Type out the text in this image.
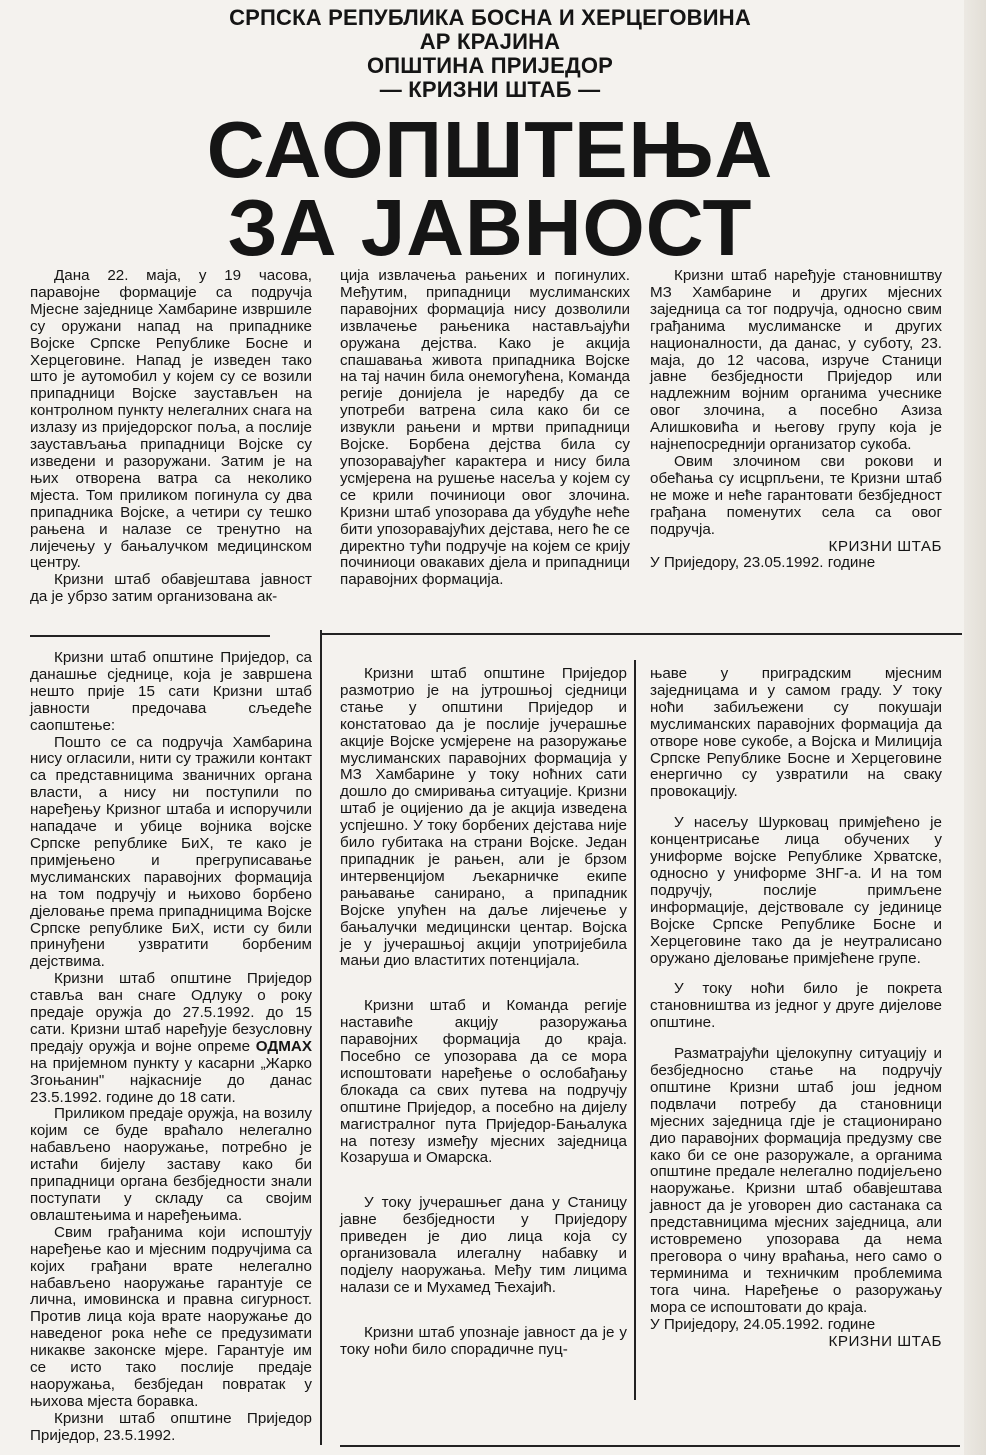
СРПСКА РЕПУБЛИКА БОСНА И ХЕРЦЕГОВИНА
АР КРАЈИНА
ОПШТИНА ПРИЈЕДОР
— КРИЗНИ ШТАБ —
САОПШТЕЊА
ЗА ЈАВНОСТ

Дана 22. маја, у 19 часова, паравојне формације са подручја Мјесне заједнице Хамбарине извршиле су оружани напад на припаднике Војске Српске Републике Босне и Херцеговине. Напад је изведен тако што је аутомобил у којем су се возили припадници Војске заустављен на контролном пункту нелегалних снага на излазу из приједорског поља, а послије заустављања припадници Војске су изведени и разоружани. Затим је на њих отворена ватра са неколико мјеста. Том приликом погинула су два припадника Војске, а четири су тешко рањена и налазе се тренутно на лијечењу у бањалучком медицинском центру.

Кризни штаб обавјештава јавност да је убрзо затим организована ак-

ција извлачења рањених и погинулих. Међутим, припадници муслиманских паравојних формација нису дозволили извлачење рањеника настављајући оружана дејства. Како је акција спашавања живота припадника Војске на тај начин била онемогућена, Команда регије донијела је наредбу да се употреби ватрена сила како би се извукли рањени и мртви припадници Војске. Борбена дејства била су упозоравајућег карактера и нису била усмјерена на рушење насеља у којем су се крили починиоци овог злочина. Кризни штаб упозорава да убудуће неће бити упозоравајућих дејстава, него ће се директно тући подручје на којем се крију починиоци овакавих дјела и припадници паравојних формација.

Кризни штаб наређује становништву МЗ Хамбарине и других мјесних заједница са тог подручја, односно свим грађанима муслиманске и других националности, да данас, у суботу, 23. маја, до 12 часова, изруче Станици јавне безбједности Приједор или надлежним војним органима учеснике овог злочина, а посебно Азиза Алишковића и његову групу која је најнепосреднији организатор сукоба.

Овим злочином сви рокови и обећања су исцрпљени, те Кризни штаб не може и неће гарантовати безбједност грађана поменутих села са овог подручја.

КРИЗНИ ШТАБ

У Приједору, 23.05.1992. године

Кризни штаб општине Приједор, са данашње сједнице, која је завршена нешто прије 15 сати Кризни штаб јавности предочава сљедеће саопштење:

Пошто се са подручја Хамбарина нису огласили, нити су тражили контакт са представницима званичних органа власти, а нису ни поступили по наређењу Кризног штаба и испоручили нападаче и убице војника војске Српске републике БиХ, те како је примјењено и прегруписавање муслиманских паравојних формација на том подручју и њихово борбено дјеловање према припадницима Војске Српске републике БиХ, исти су били принуђени узвратити борбеним дејствима.

Кризни штаб општине Приједор ставља ван снаге Одлуку о року предаје оружја до 27.5.1992. до 15 сати. Кризни штаб наређује безусловну предају оружја и војне опреме ОДМАХ на пријемном пункту у касарни „Жарко Згоњанин" најкасније до данас 23.5.1992. године до 18 сати.

Приликом предаје оружја, на возилу којим се буде враћало нелегално набављено наоружање, потребно је истаћи бијелу заставу како би припадници органа безбједности знали поступати у складу са својим овлаштењима и наређењима.

Свим грађанима који испоштују наређење као и мјесним подручјима са којих грађани врате нелегално набављено наоружање гарантује се лична, имовинска и правна сигурност. Против лица која врате наоружање до наведеног рока неће се предузимати никакве законске мјере. Гарантује им се исто тако послије предаје наоружања, безбједан повратак у њихова мјеста боравка.

Кризни штаб општине Приједор Приједор, 23.5.1992.

Кризни штаб општине Приједор размотрио је на јутрошњој сједници стање у општини Приједор и констатовао да је послије јучерашње акције Војске усмјерене на разоружање муслиманских паравојних формација у МЗ Хамбарине у току ноћних сати дошло до смиривања ситуације. Кризни штаб је оцијенио да је акција изведена успјешно. У току борбених дејстава није било губитака на страни Војске. Један припадник је рањен, али је брзом интервенцијом љекарничке екипе рањавање санирано, а припадник Војске упућен на даље лијечење у бањалучки медицински центар. Војска је у јучерашњој акцији употријебила мањи дио властитих потенцијала.

Кризни штаб и Команда регије наставиће акцију разоружања паравојних формација до краја. Посебно се упозорава да се мора испоштовати наређење о ослобађању блокада са свих путева на подручју општине Приједор, а посебно на дијелу магистралног пута Приједор-Бањалука на потезу између мјесних заједница Козаруша и Омарска.

У току јучерашњег дана у Станицу јавне безбједности у Приједору приведен је дио лица која су организовала илегалну набавку и подјелу наоружања. Међу тим лицима налази се и Мухамед Ћехајић.

Кризни штаб упознаје јавност да је у току ноћи било спорадичне пуц-

њаве у приградским мјесним заједницама и у самом граду. У току ноћи забиљежени су покушаји муслиманских паравојних формација да отворе нове сукобе, а Војска и Милиција Српске Републике Босне и Херцеговине енергично су узвратили на сваку провокацију.

У насељу Шурковац примјећено је концентрисање лица обучених у униформе војске Републике Хрватске, односно у униформе ЗНГ-а. И на том подручју, послије примљене информације, дејствовале су јединице Војске Српске Републике Босне и Херцеговине тако да је неутралисано оружано дјеловање примјећене групе.

У току ноћи било је покрета становништва из једног у друге дијелове општине.

Разматрајући цјелокупну ситуацију и безбједносно стање на подручју општине Кризни штаб још једном подвлачи потребу да становници мјесних заједница гдје је стационирано дио паравојних формација предузму све како би се оне разоружале, а органима општине предале нелегално подијељено наоружање. Кризни штаб обавјештава јавност да је уговорен дио састанака са представницима мјесних заједница, али истовремено упозорава да нема преговора о чину враћања, него само о терминима и техничким проблемима тога чина. Наређење о разоружању мора се испоштовати до краја.

У Приједору, 24.05.1992. године

КРИЗНИ ШТАБ
